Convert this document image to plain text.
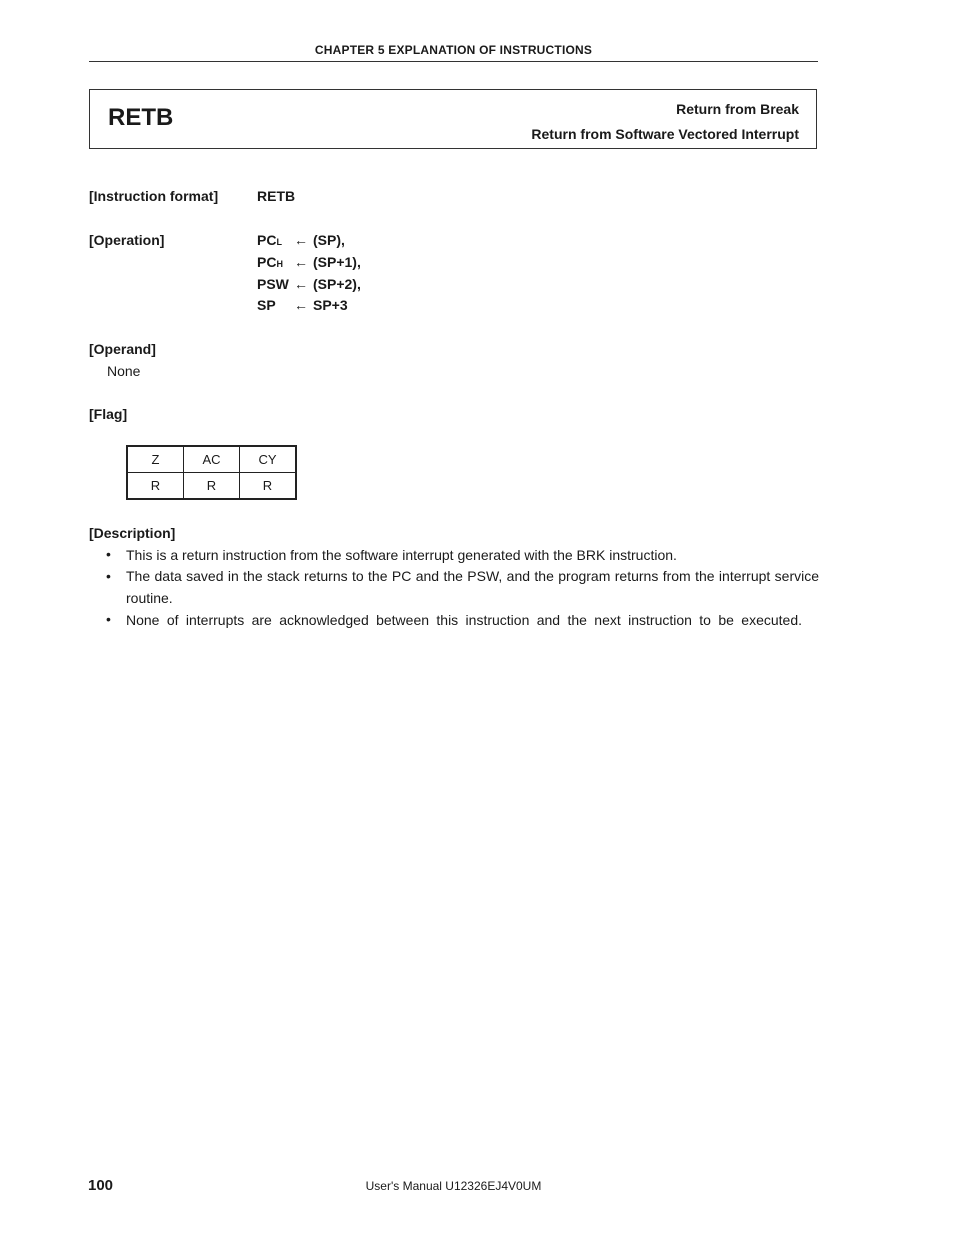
CHAPTER 5 EXPLANATION OF INSTRUCTIONS
RETB	Return from Break
Return from Software Vectored Interrupt
[Instruction format]	RETB
[Operation]	PCL ← (SP),
PCH ← (SP+1),
PSW ← (SP+2),
SP ← SP+3
[Operand]
None
[Flag]
Z	AC	CY
R	R	R
[Description]
• This is a return instruction from the software interrupt generated with the BRK instruction.
• The data saved in the stack returns to the PC and the PSW, and the program returns from the interrupt service
routine.
• None of interrupts are acknowledged between this instruction and the next instruction to be executed.
100	User's Manual U12326EJ4V0UM
